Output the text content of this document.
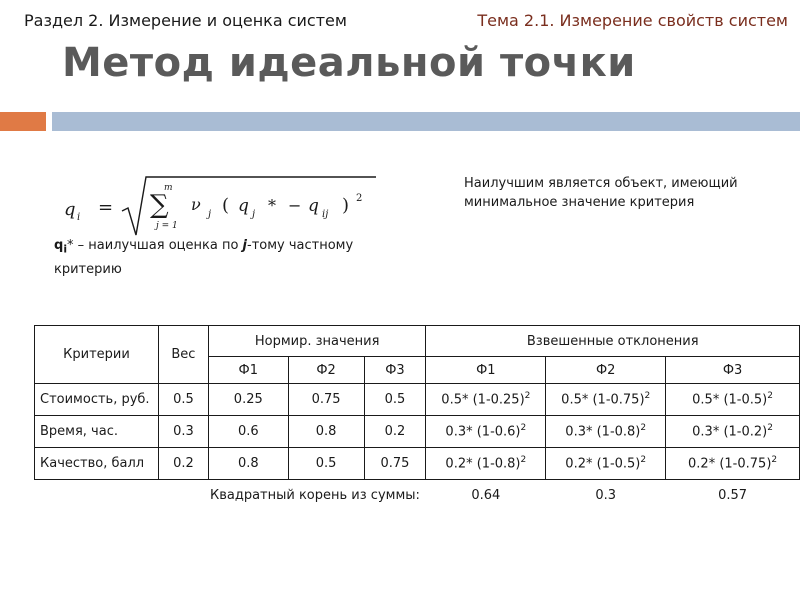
Раздел 2. Измерение и оценка систем	Тема 2.1. Измерение свойств систем
Метод идеальной точки
q i =
m
∑
j = 1
ν
j ( q j * − q ij ) 2
$q_i*$ – наилучшая оценка по j-тому частному критерию
Наилучшим является объект, имеющий минимальное значение критерия
Критерии	Вес	Нормир. значения			Взвешенные отклонения		
		Ф1	Ф2	Ф3	Ф1	Ф2	Ф3
Стоимость, руб.	0.5	0.25	0.75	0.5	0.5* $(1-0.25)^2$	0.5* $(1-0.75)^2$	0.5* $(1-0.5)^2$
Время, час.	0.3	0.6	0.8	0.2	0.3* $(1-0.6)^2$	0.3* $(1-0.8)^2$	0.3* $(1-0.2)^2$
Качество, балл	0.2	0.8	0.5	0.75	0.2* $(1-0.8)^2$	0.2* $(1-0.5)^2$	0.2* $(1-0.75)^2$
Квадратный корень из суммы:					0.64	0.3	0.57
